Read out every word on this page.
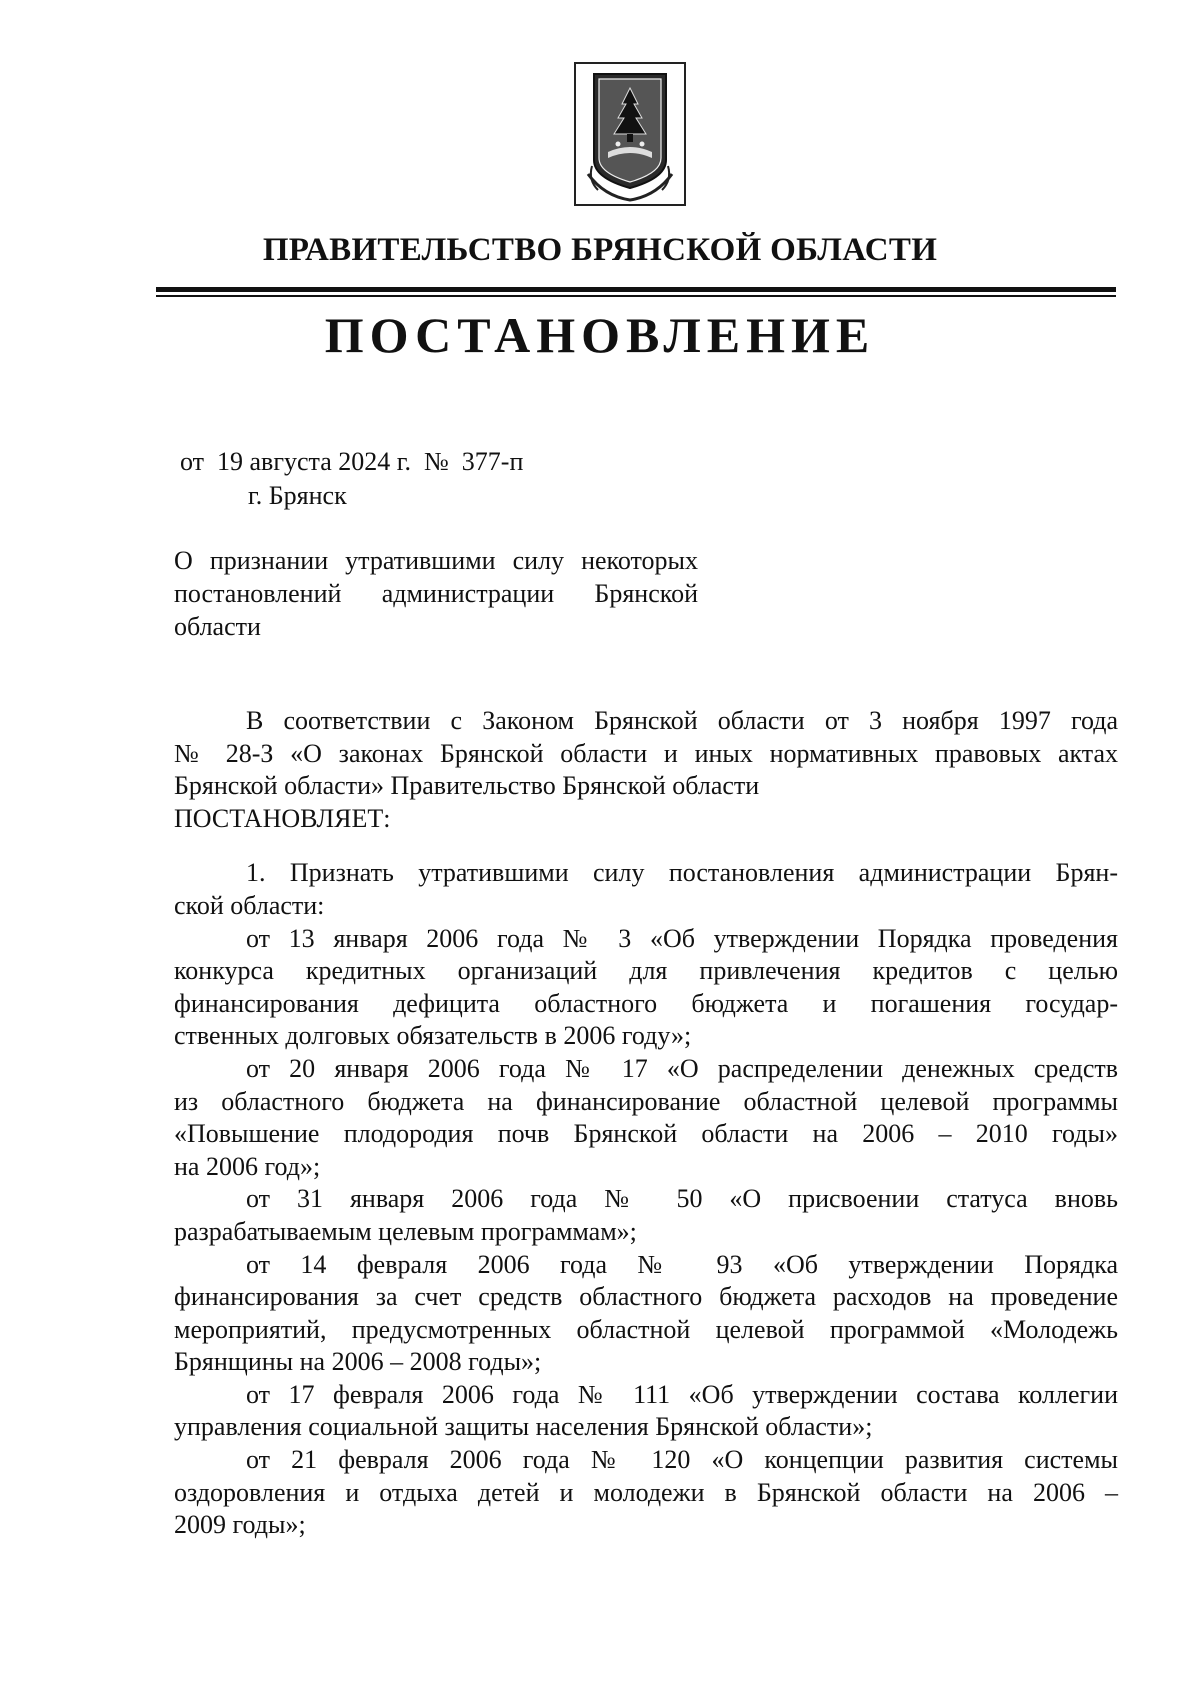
ПРАВИТЕЛЬСТВО БРЯНСКОЙ ОБЛАСТИ
ПОСТАНОВЛЕНИЕ
от  19 августа 2024 г.  №  377-п
г. Брянск
О признании утратившими силу некоторых
постановлений администрации Брянской
области
В соответствии с Законом Брянской области от 3 ноября 1997 года
№ 28-З «О законах Брянской области и иных нормативных правовых актах
Брянской области» Правительство Брянской области
ПОСТАНОВЛЯЕТ:
1. Признать утратившими силу постановления администрации Брян-
ской области:
от 13 января 2006 года № 3 «Об утверждении Порядка проведения
конкурса кредитных организаций для привлечения кредитов с целью
финансирования дефицита областного бюджета и погашения государ-
ственных долговых обязательств в 2006 году»;
от 20 января 2006 года № 17 «О распределении денежных средств
из областного бюджета на финансирование областной целевой программы
«Повышение плодородия почв Брянской области на 2006 – 2010 годы»
на 2006 год»;
от 31 января 2006 года № 50 «О присвоении статуса вновь
разрабатываемым целевым программам»;
от 14 февраля 2006 года № 93 «Об утверждении Порядка
финансирования за счет средств областного бюджета расходов на проведение
мероприятий, предусмотренных областной целевой программой «Молодежь
Брянщины на 2006 – 2008 годы»;
от 17 февраля 2006 года № 111 «Об утверждении состава коллегии
управления социальной защиты населения Брянской области»;
от 21 февраля 2006 года № 120 «О концепции развития системы
оздоровления и отдыха детей и молодежи в Брянской области на 2006 –
2009 годы»;
